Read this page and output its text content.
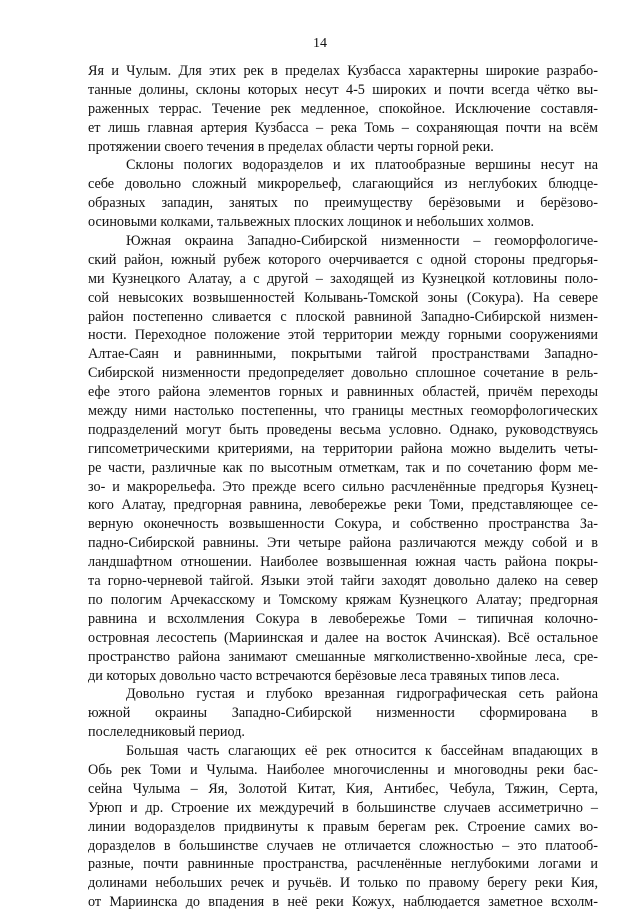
14
Яя и Чулым. Для этих рек в пределах Кузбасса характерны широкие разрабо-
танные долины, склоны которых несут 4-5 широких и почти всегда чётко вы-
раженных террас. Течение рек медленное, спокойное. Исключение составля-
ет лишь главная артерия Кузбасса – река Томь – сохраняющая почти на всём
протяжении своего течения в пределах области черты горной реки.
Склоны пологих водоразделов и их платообразные вершины несут на
себе довольно сложный микрорельеф, слагающийся из неглубоких блюдце-
образных западин, занятых по преимуществу берёзовыми и берёзово-
осиновыми колками, тальвежных плоских лощинок и небольших холмов.
Южная окраина Западно-Сибирской низменности – геоморфологиче-
ский район, южный рубеж которого очерчивается с одной стороны предгорья-
ми Кузнецкого Алатау, а с другой – заходящей из Кузнецкой котловины поло-
сой невысоких возвышенностей Колывань-Томской зоны (Сокура). На севере
район постепенно сливается с плоской равниной Западно-Сибирской низмен-
ности. Переходное положение этой территории между горными сооружениями
Алтае-Саян и равнинными, покрытыми тайгой пространствами Западно-
Сибирской низменности предопределяет довольно сплошное сочетание в рель-
ефе этого района элементов горных и равнинных областей, причём переходы
между ними настолько постепенны, что границы местных геоморфологических
подразделений могут быть проведены весьма условно. Однако, руководствуясь
гипсометрическими критериями, на территории района можно выделить четы-
ре части, различные как по высотным отметкам, так и по сочетанию форм ме-
зо- и макрорельефа. Это прежде всего сильно расчленённые предгорья Кузнец-
кого Алатау, предгорная равнина, левобережье реки Томи, представляющее се-
верную оконечность возвышенности Сокура, и собственно пространства За-
падно-Сибирской равнины. Эти четыре района различаются между собой и в
ландшафтном отношении. Наиболее возвышенная южная часть района покры-
та горно-черневой тайгой. Языки этой тайги заходят довольно далеко на север
по пологим Арчекасскому и Томскому кряжам Кузнецкого Алатау; предгорная
равнина и всхолмления Сокура в левобережье Томи – типичная колочно-
островная лесостепь (Мариинская и далее на восток Ачинская). Всё остальное
пространство района занимают смешанные мягколиственно-хвойные леса, сре-
ди которых довольно часто встречаются берёзовые леса травяных типов леса.
Довольно густая и глубоко врезанная гидрографическая сеть района
южной окраины Западно-Сибирской низменности сформирована в
послеледниковый период.
Большая часть слагающих её рек относится к бассейнам впадающих в
Обь рек Томи и Чулыма. Наиболее многочисленны и многоводны реки бас-
сейна Чулыма – Яя, Золотой Китат, Кия, Антибес, Чебула, Тяжин, Серта,
Урюп и др. Строение их междуречий в большинстве случаев ассиметрично –
линии водоразделов придвинуты к правым берегам рек. Строение самих во-
доразделов в большинстве случаев не отличается сложностью – это платооб-
разные, почти равнинные пространства, расчленённые неглубокими логами и
долинами небольших речек и ручьёв. И только по правому берегу реки Кия,
от Мариинска до впадения в неё реки Кожух, наблюдается заметное всхолм-
